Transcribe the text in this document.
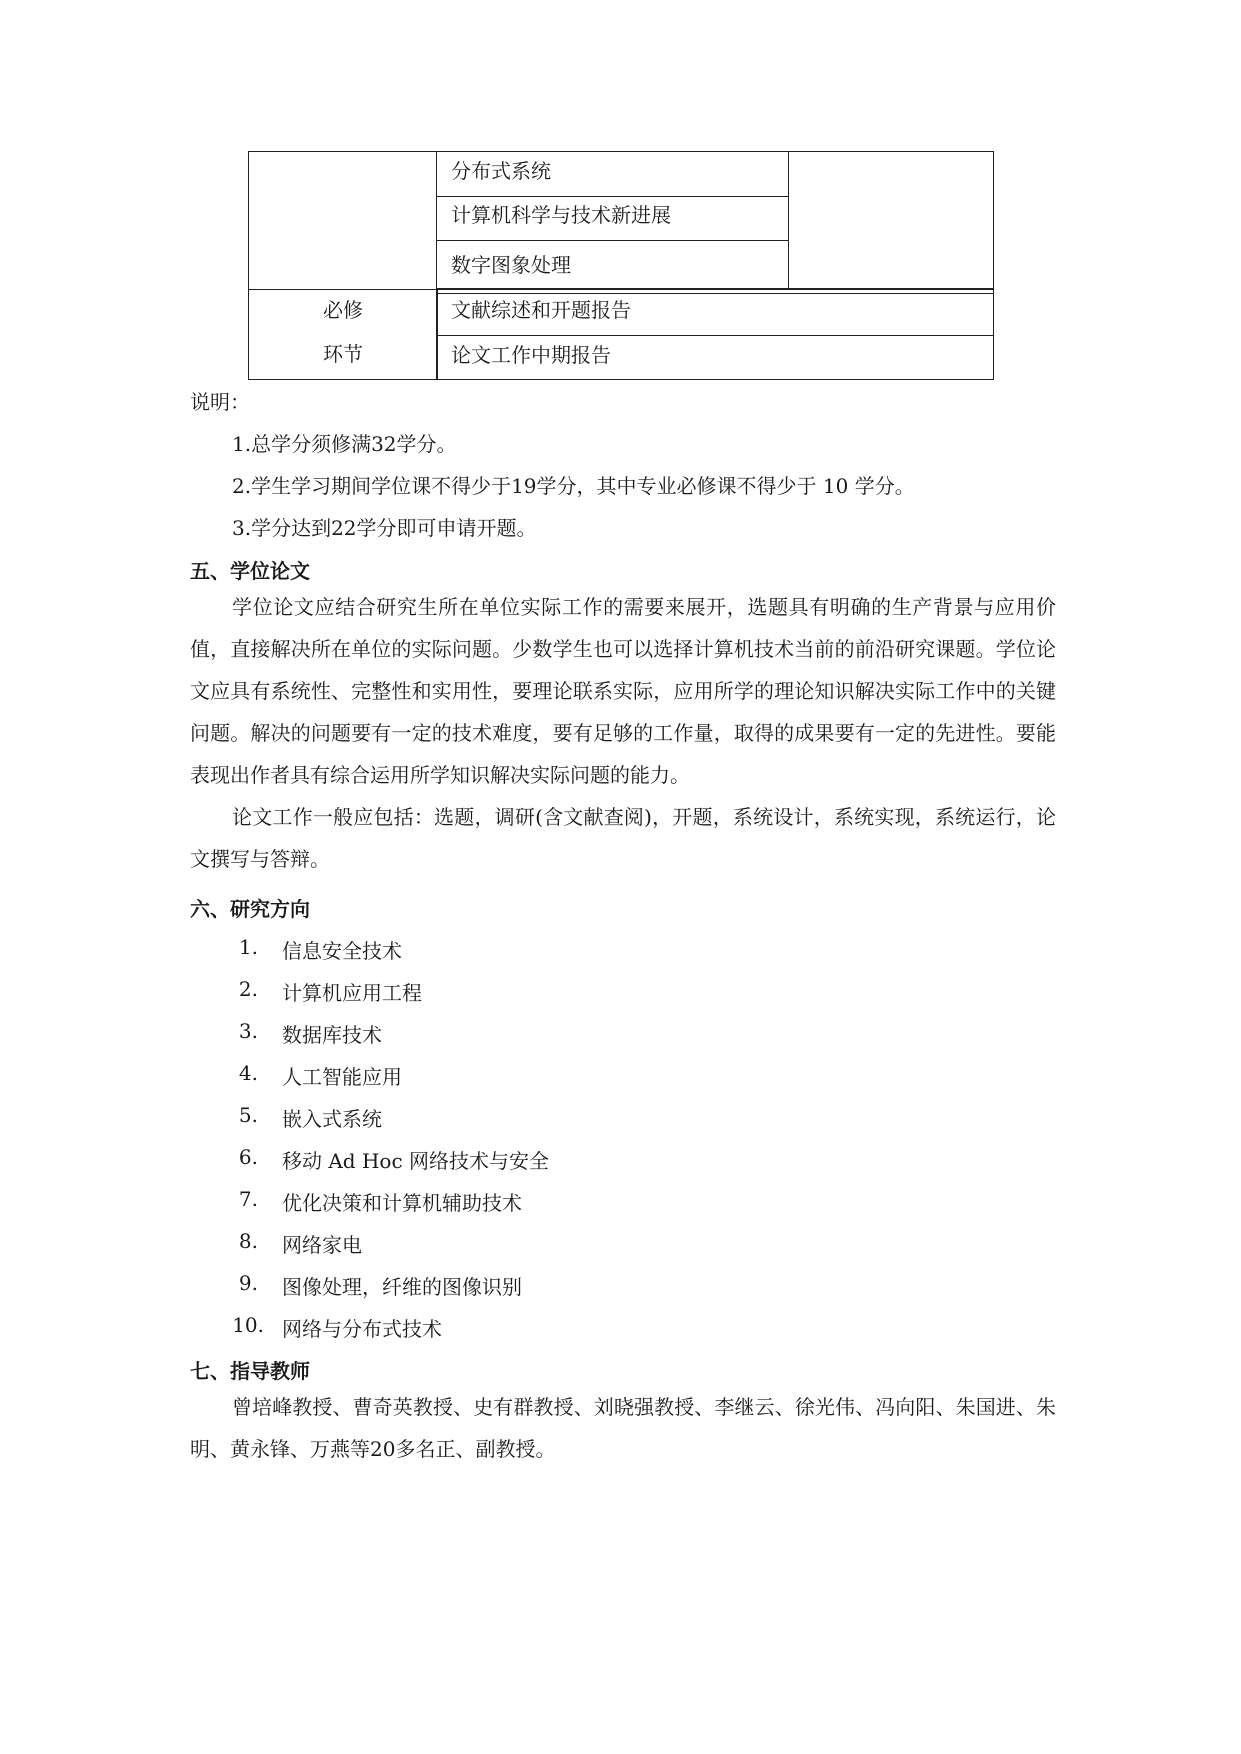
分布式系统
计算机科学与技术新进展
数字图象处理
必修
环节
文献综述和开题报告
论文工作中期报告
说明：
1.总学分须修满32学分。
2.学生学习期间学位课不得少于19学分，其中专业必修课不得少于 10 学分。
3.学分达到22学分即可申请开题。
五、学位论文

学位论文应结合研究生所在单位实际工作的需要来展开，选题具有明确的生产背景与应用价值，直接解决所在单位的实际问题。少数学生也可以选择计算机技术当前的前沿研究课题。学位论文应具有系统性、完整性和实用性，要理论联系实际，应用所学的理论知识解决实际工作中的关键问题。解决的问题要有一定的技术难度，要有足够的工作量，取得的成果要有一定的先进性。要能表现出作者具有综合运用所学知识解决实际问题的能力。

论文工作一般应包括：选题，调研(含文献查阅)，开题，系统设计，系统实现，系统运行，论文撰写与答辩。

六、研究方向
1. 信息安全技术
2. 计算机应用工程
3. 数据库技术
4. 人工智能应用
5. 嵌入式系统
6. 移动 Ad Hoc 网络技术与安全
7. 优化决策和计算机辅助技术
8. 网络家电
9. 图像处理，纤维的图像识别
10. 网络与分布式技术
七、指导教师

曾培峰教授、曹奇英教授、史有群教授、刘晓强教授、李继云、徐光伟、冯向阳、朱国进、朱 明、黄永锋、万燕等20多名正、副教授。
